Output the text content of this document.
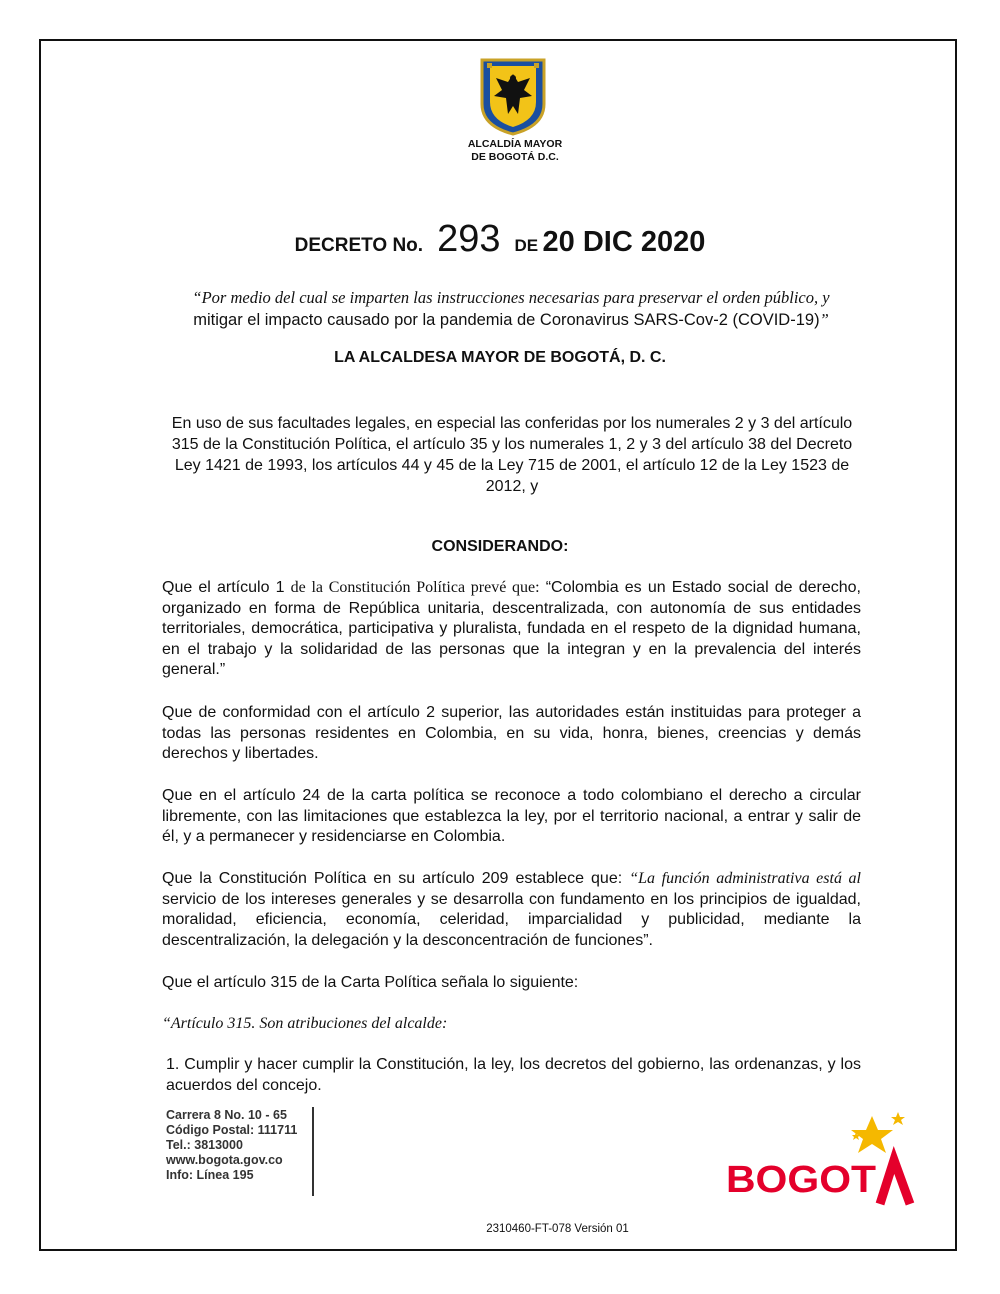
ALCALDÍA MAYOR
DE BOGOTÁ D.C.
DECRETO No. 293 DE 20 DIC 2020
“Por medio del cual se imparten las instrucciones necesarias para preservar el orden público, y
mitigar el impacto causado por la pandemia de Coronavirus SARS-Cov-2 (COVID-19)”
LA ALCALDESA MAYOR DE BOGOTÁ, D. C.
En uso de sus facultades legales, en especial las conferidas por los numerales 2 y 3 del artículo 315 de la Constitución Política, el artículo 35 y los numerales 1, 2 y 3 del artículo 38 del Decreto Ley 1421 de 1993, los artículos 44 y 45 de la Ley 715 de 2001, el artículo 12 de la Ley 1523 de 2012, y
CONSIDERANDO:
Que el artículo 1 de la Constitución Política prevé que: “Colombia es un Estado social de derecho, organizado en forma de República unitaria, descentralizada, con autonomía de sus entidades territoriales, democrática, participativa y pluralista, fundada en el respeto de la dignidad humana, en el trabajo y la solidaridad de las personas que la integran y en la prevalencia del interés general.”
Que de conformidad con el artículo 2 superior, las autoridades están instituidas para proteger a todas las personas residentes en Colombia, en su vida, honra, bienes, creencias y demás derechos y libertades.
Que en el artículo 24 de la carta política se reconoce a todo colombiano el derecho a circular libremente, con las limitaciones que establezca la ley, por el territorio nacional, a entrar y salir de él, y a permanecer y residenciarse en Colombia.
Que la Constitución Política en su artículo 209 establece que: “La función administrativa está al servicio de los intereses generales y se desarrolla con fundamento en los principios de igualdad, moralidad, eficiencia, economía, celeridad, imparcialidad y publicidad, mediante la descentralización, la delegación y la desconcentración de funciones”.
Que el artículo 315 de la Carta Política señala lo siguiente:
“Artículo 315. Son atribuciones del alcalde:
1. Cumplir y hacer cumplir la Constitución, la ley, los decretos del gobierno, las ordenanzas, y los acuerdos del concejo.
Carrera 8 No. 10 - 65
Código Postal: 111711
Tel.: 3813000
www.bogota.gov.co
Info: Línea 195	BOGOT
2310460-FT-078 Versión 01
